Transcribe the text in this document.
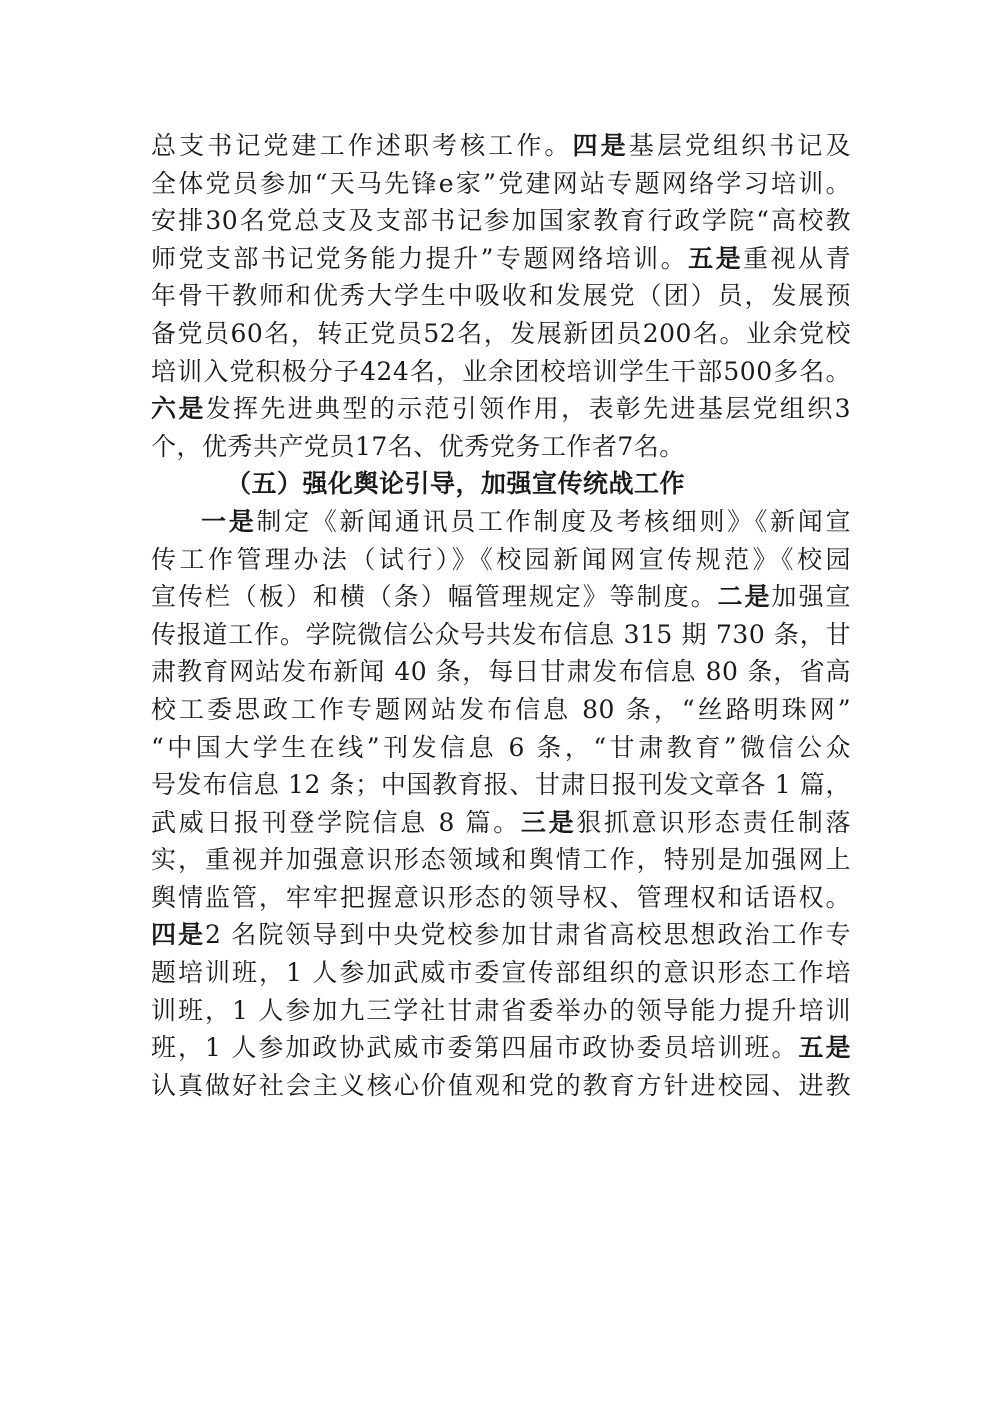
总支书记党建工作述职考核工作。四是基层党组织书记及
全体党员参加“天马先锋e家”党建网站专题网络学习培训。
安排30名党总支及支部书记参加国家教育行政学院“高校教
师党支部书记党务能力提升”专题网络培训。五是重视从青
年骨干教师和优秀大学生中吸收和发展党（团）员，发展预
备党员60名，转正党员52名，发展新团员200名。业余党校
培训入党积极分子424名，业余团校培训学生干部500多名。
六是发挥先进典型的示范引领作用，表彰先进基层党组织3
个，优秀共产党员17名、优秀党务工作者7名。
（五）强化舆论引导，加强宣传统战工作
一是制定《新闻通讯员工作制度及考核细则》《新闻宣
传工作管理办法（试行）》《校园新闻网宣传规范》《校园
宣传栏（板）和横（条）幅管理规定》等制度。二是加强宣
传报道工作。学院微信公众号共发布信息 315 期 730 条，甘
肃教育网站发布新闻 40 条，每日甘肃发布信息 80 条，省高
校工委思政工作专题网站发布信息 80 条，“丝路明珠网”
“中国大学生在线”刊发信息 6 条，“甘肃教育”微信公众
号发布信息 12 条；中国教育报、甘肃日报刊发文章各 1 篇，
武威日报刊登学院信息 8 篇。三是狠抓意识形态责任制落
实，重视并加强意识形态领域和舆情工作，特别是加强网上
舆情监管，牢牢把握意识形态的领导权、管理权和话语权。
四是2 名院领导到中央党校参加甘肃省高校思想政治工作专
题培训班，1 人参加武威市委宣传部组织的意识形态工作培
训班，1 人参加九三学社甘肃省委举办的领导能力提升培训
班，1 人参加政协武威市委第四届市政协委员培训班。五是
认真做好社会主义核心价值观和党的教育方针进校园、进教
